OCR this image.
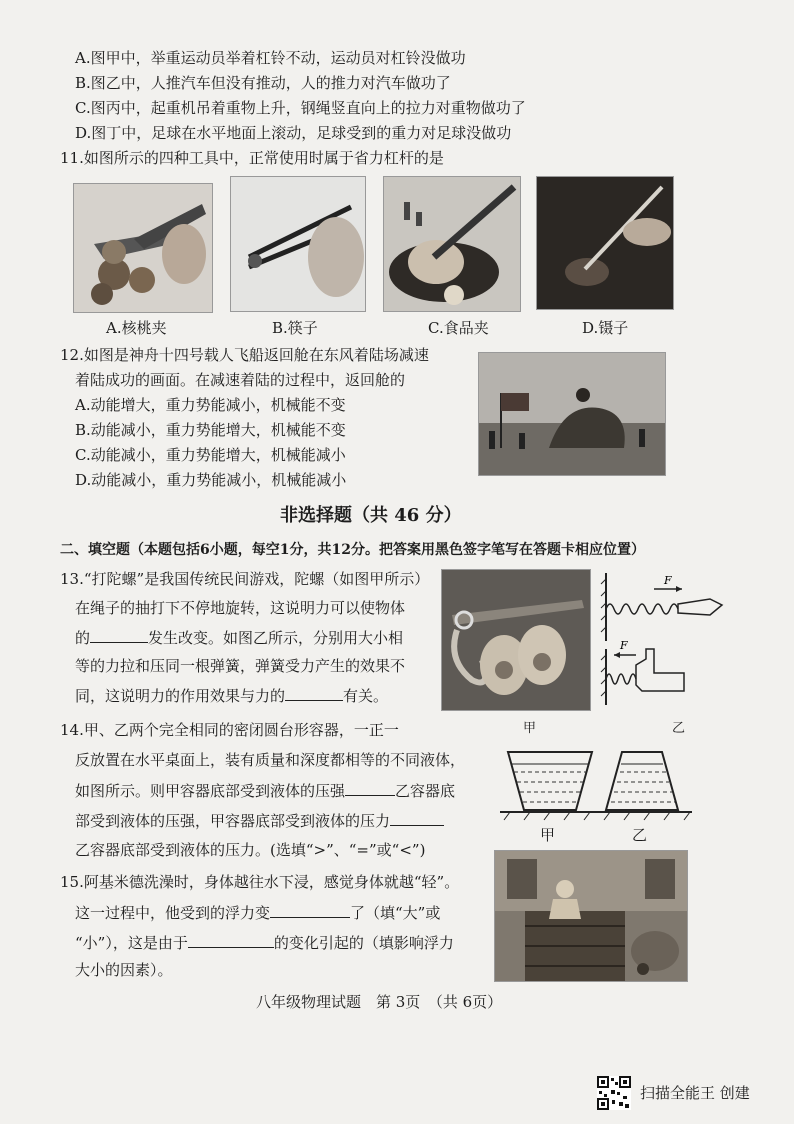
A.图甲中，举重运动员举着杠铃不动，运动员对杠铃没做功
B.图乙中，人推汽车但没有推动，人的推力对汽车做功了
C.图丙中，起重机吊着重物上升，钢绳竖直向上的拉力对重物做功了
D.图丁中，足球在水平地面上滚动，足球受到的重力对足球没做功
11.如图所示的四种工具中，正常使用时属于省力杠杆的是
A.核桃夹	B.筷子	C.食品夹	D.镊子
12.如图是神舟十四号载人飞船返回舱在东风着陆场减速
着陆成功的画面。在减速着陆的过程中，返回舱的
A.动能增大，重力势能减小，机械能不变
B.动能减小，重力势能增大，机械能不变
C.动能减小，重力势能增大，机械能减小
D.动能减小，重力势能减小，机械能减小
非选择题（共 46 分）
二、填空题（本题包括6小题，每空1分，共12分。把答案用黑色签字笔写在答题卡相应位置）
13.“打陀螺”是我国传统民间游戏，陀螺（如图甲所示）
在绳子的抽打下不停地旋转，这说明力可以使物体
的	发生改变。如图乙所示，分别用大小相
等的力拉和压同一根弹簧，弹簧受力产生的效果不
同，这说明力的作用效果与力的	有关。
F
F
甲	乙
14.甲、乙两个完全相同的密闭圆台形容器，一正一
反放置在水平桌面上，装有质量和深度都相等的不同液体，
如图所示。则甲容器底部受到液体的压强	乙容器底
部受到液体的压强，甲容器底部受到液体的压力
乙容器底部受到液体的压力。(选填“>”、“=”或“<”)
甲	乙
15.阿基米德洗澡时，身体越往水下浸，感觉身体就越“轻”。
这一过程中，他受到的浮力变	了（填“大”或
“小”），这是由于	的变化引起的（填影响浮力
大小的因素）。
八年级物理试题　第 3页　（共 6页）
扫描全能王 创建
